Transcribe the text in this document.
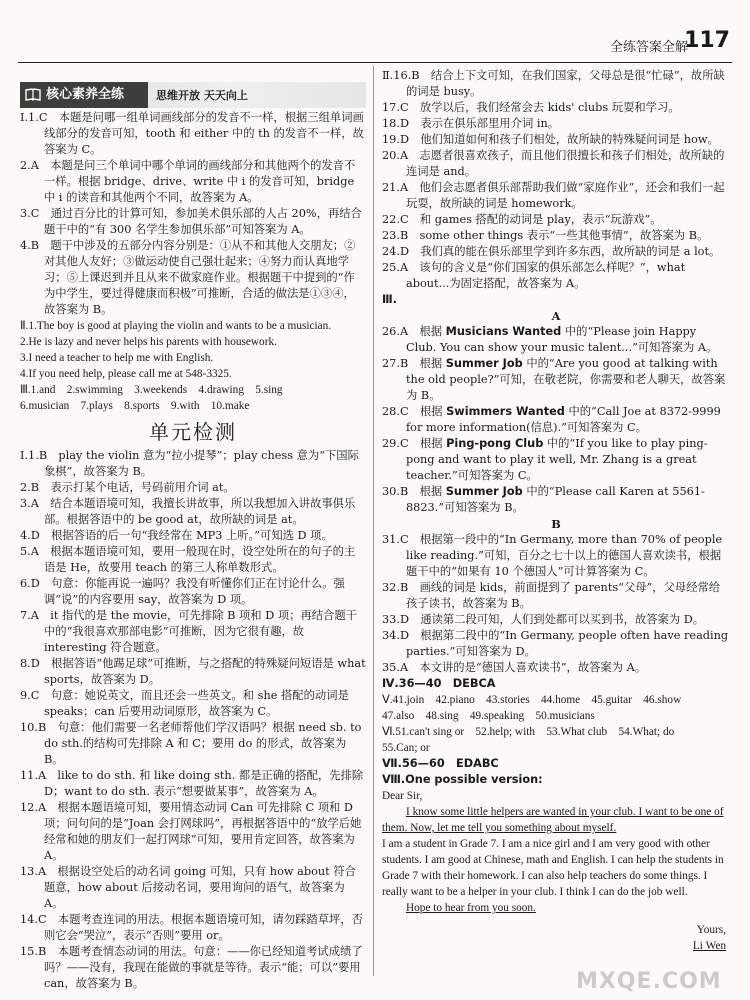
全练答案全解
117
核心素养全练	思维开放 天天向上

Ⅰ.1.C　本题是问哪一组单词画线部分的发音不一样，根据三组单词画线部分的发音可知，tooth 和 either 中的 th 的发音不一样，故答案为 C。

2.A　本题是问三个单词中哪个单词的画线部分和其他两个的发音不一样。根据 bridge、drive、write 中 i 的发音可知，bridge 中 i 的读音和其他两个不同，故答案为 A。

3.C　通过百分比的计算可知，参加美术俱乐部的人占 20%，再结合题干中的“有 300 名学生参加俱乐部”可知答案为 A。

4.B　题干中涉及的五部分内容分别是：①从不和其他人交朋友；②对其他人友好；③做运动使自己强壮起来；④努力而认真地学习；⑤上课迟到并且从来不做家庭作业。根据题干中提到的“作为中学生，要过得健康而积极”可推断，合适的做法是①③④，故答案为 B。

Ⅱ.1.The boy is good at playing the violin and wants to be a musician.

2.He is lazy and never helps his parents with housework.

3.I need a teacher to help me with English.

4.If you need help, please call me at 548-3325.

Ⅲ.1.and　2.swimming　3.weekends　4.drawing　5.sing

6.musician　7.plays　8.sports　9.with　10.make

单元检测

Ⅰ.1.B　play the violin 意为“拉小提琴”；play chess 意为“下国际象棋”，故答案为 B。

2.B　表示打某个电话，号码前用介词 at。

3.A　结合本题语境可知，我擅长讲故事，所以我想加入讲故事俱乐部。根据答语中的 be good at，故所缺的词是 at。

4.D　根据答语的后一句“我经常在 MP3 上听。”可知选 D 项。

5.A　根据本题语境可知，要用一般现在时，设空处所在的句子的主语是 He，故要用 teach 的第三人称单数形式。

6.D　句意：你能再说一遍吗？我没有听懂你们正在讨论什么。强调“说”的内容要用 say，故答案为 D 项。

7.A　it 指代的是 the movie，可先排除 B 项和 D 项；再结合题干中的“我很喜欢那部电影”可推断，因为它很有趣，故 interesting 符合题意。

8.D　根据答语“他踢足球”可推断，与之搭配的特殊疑问短语是 what sports，故答案为 D。

9.C　句意：她说英文，而且还会一些英文。和 she 搭配的动词是 speaks；can 后要用动词原形，故答案为 C。

10.B　句意：他们需要一名老师帮他们学汉语吗？根据 need sb. to do sth.的结构可先排除 A 和 C；要用 do 的形式，故答案为 B。

11.A　like to do sth. 和 like doing sth. 都是正确的搭配，先排除 D；want to do sth. 表示“想要做某事”，故答案为 A。

12.A　根据本题语境可知，要用情态动词 Can 可先排除 C 项和 D 项；问句问的是“Joan 会打网球吗”，再根据答语中的“放学后她经常和她的朋友们一起打网球”可知，要用肯定回答，故答案为 A。

13.A　根据设空处后的动名词 going 可知，只有 how about 符合题意，how about 后接动名词，要用询问的语气，故答案为 A。

14.C　本题考查连词的用法。根据本题语境可知，请勿踩踏草坪，否则它会“哭泣”，表示“否则”要用 or。

15.B　本题考查情态动词的用法。句意：——你已经知道考试成绩了吗？——没有，我现在能做的事就是等待。表示“能；可以”要用 can，故答案为 B。

Ⅱ.16.B　结合上下文可知，在我们国家，父母总是很“忙碌”，故所缺的词是 busy。

17.C　放学以后，我们经常会去 kids' clubs 玩耍和学习。

18.D　表示在俱乐部里用介词 in。

19.D　他们知道如何和孩子们相处，故所缺的特殊疑问词是 how。

20.A　志愿者很喜欢孩子，而且他们很擅长和孩子们相处，故所缺的连词是 and。

21.A　他们会志愿者俱乐部帮助我们做“家庭作业”，还会和我们一起玩耍，故所缺的词是 homework。

22.C　和 games 搭配的动词是 play，表示“玩游戏”。

23.B　some other things 表示“一些其他事情”，故答案为 B。

24.D　我们真的能在俱乐部里学到许多东西，故所缺的词是 a lot。

25.A　该句的含义是“你们国家的俱乐部怎么样呢？”，what about...为固定搭配，故答案为 A。

Ⅲ.

A

26.A　 根据 Musicians Wanted 中的“Please join Happy Club. You can show your music talent...”可知答案为 A。

27.B　 根据 Summer Job 中的“Are you good at talking with the old people?”可知，在敬老院，你需要和老人聊天，故答案为 B。

28.C　 根据 Swimmers Wanted 中的“Call Joe at 8372-9999 for more information(信息).”可知答案为 C。

29.C　 根据 Ping-pong Club 中的“If you like to play ping-pong and want to play it well, Mr. Zhang is a great teacher.”可知答案为 C。

30.B　 根据 Summer Job 中的“Please call Karen at 5561-8823.”可知答案为 B。

B

31.C　根据第一段中的“In Germany, more than 70% of people like reading.”可知，百分之七十以上的德国人喜欢读书，根据题干中的“如果有 10 个德国人”可计算答案为 C。

32.B　画线的词是 kids，前面提到了 parents“父母”，父母经常给孩子读书，故答案为 B。

33.D　通读第二段可知，人们到处都可以买到书，故答案为 D。

34.D　根据第二段中的“In Germany, people often have reading parties.”可知答案为 D。

35.A　本文讲的是“德国人喜欢读书”，故答案为 A。

Ⅳ.36—40　DEBCA

Ⅴ.41.join　42.piano　43.stories　44.home　45.guitar　46.show

47.also　48.sing　49.speaking　50.musicians

Ⅵ.51.can't sing or　52.help; with　53.What club　54.What; do

55.Can; or

Ⅶ.56—60　EDABC

Ⅷ.One possible version:

Dear Sir,

I know some little helpers are wanted in your club. I want to be one of them. Now, let me tell you something about myself.

I am a student in Grade 7. I am a nice girl and I am very good with other students. I am good at Chinese, math and English. I can help the students in Grade 7 with their homework. I can also help teachers do some things. I really want to be a helper in your club. I think I can do the job well.

Hope to hear from you soon.

Yours,

Li Wen

MXQE.COM
